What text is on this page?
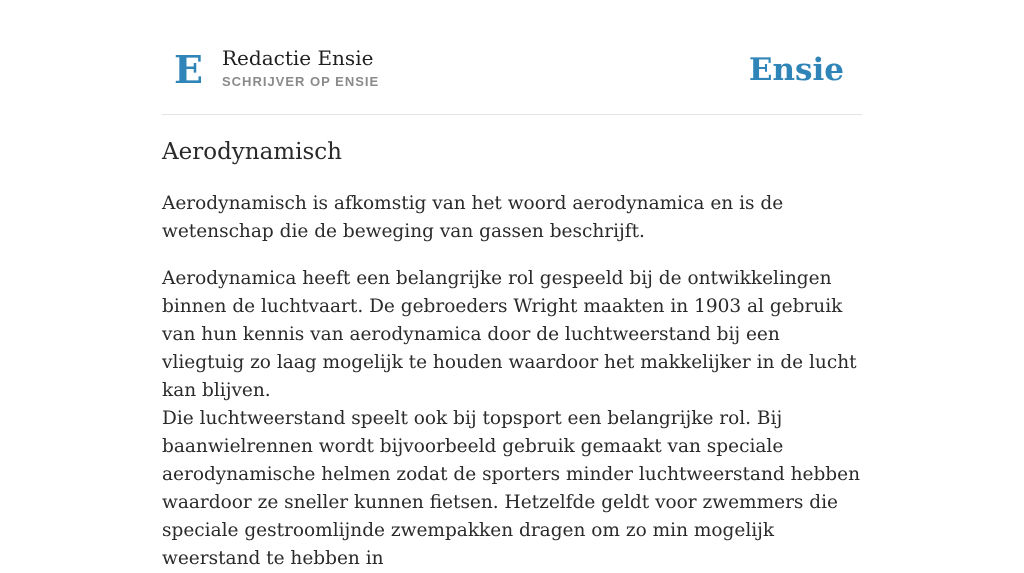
E Redactie Ensie
SCHRIJVER OP ENSIE	Ensie
Aerodynamisch

Aerodynamisch is afkomstig van het woord aerodynamica en is de wetenschap die de beweging van gassen beschrijft.

Aerodynamica heeft een belangrijke rol gespeeld bij de ontwikkelingen binnen de luchtvaart. De gebroeders Wright maakten in 1903 al gebruik van hun kennis van aerodynamica door de luchtweerstand bij een vliegtuig zo laag mogelijk te houden waardoor het makkelijker in de lucht kan blijven.

Die luchtweerstand speelt ook bij topsport een belangrijke rol. Bij baanwielrennen wordt bijvoorbeeld gebruik gemaakt van speciale aerodynamische helmen zodat de sporters minder luchtweerstand hebben waardoor ze sneller kunnen fietsen. Hetzelfde geldt voor zwemmers die speciale gestroomlijnde zwempakken dragen om zo min mogelijk weerstand te hebben in
